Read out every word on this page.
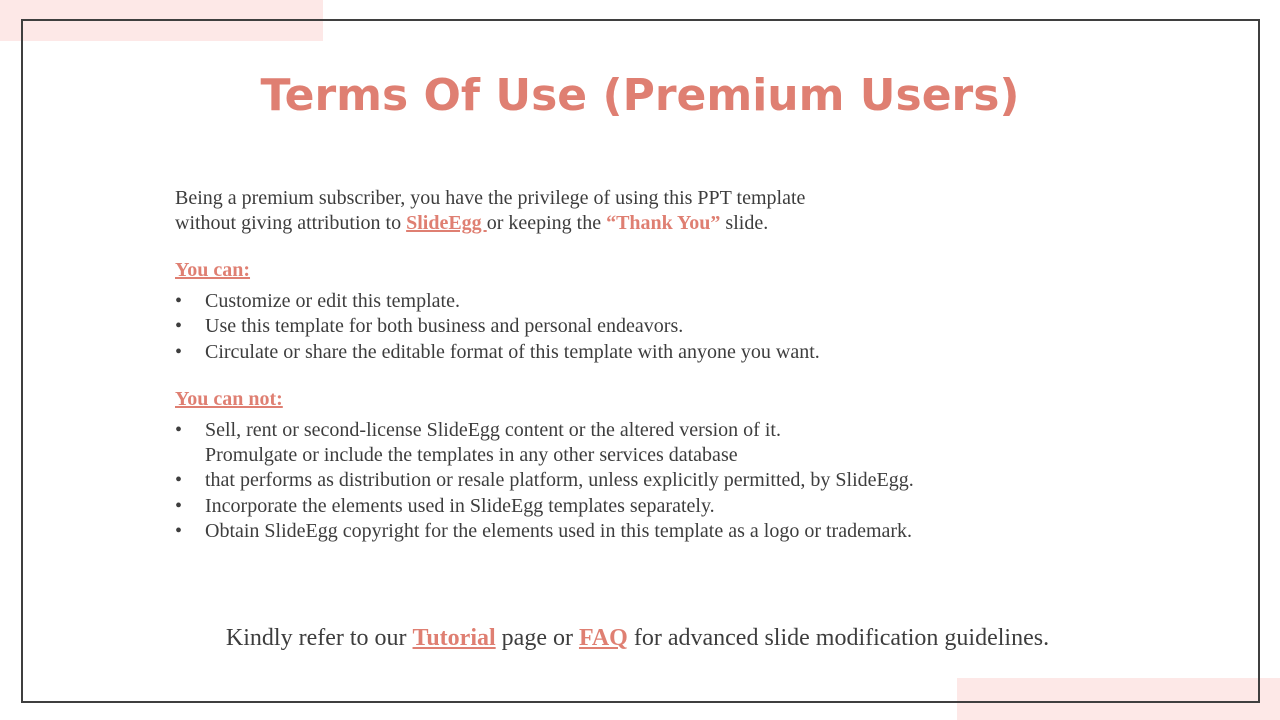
Terms Of Use (Premium Users)

Being a premium subscriber, you have the privilege of using this PPT template
without giving attribution to SlideEgg or keeping the “Thank You” slide.

You can:

•	Customize or edit this template.
•	Use this template for both business and personal endeavors.
•	Circulate or share the editable format of this template with anyone you want.

You can not:

•	Sell, rent or second-license SlideEgg content or the altered version of it.
Promulgate or include the templates in any other services database
•	that performs as distribution or resale platform, unless explicitly permitted, by SlideEgg.
•	Incorporate the elements used in SlideEgg templates separately.
•	Obtain SlideEgg copyright for the elements used in this template as a logo or trademark.

Kindly refer to our Tutorial page or FAQ for advanced slide modification guidelines.
